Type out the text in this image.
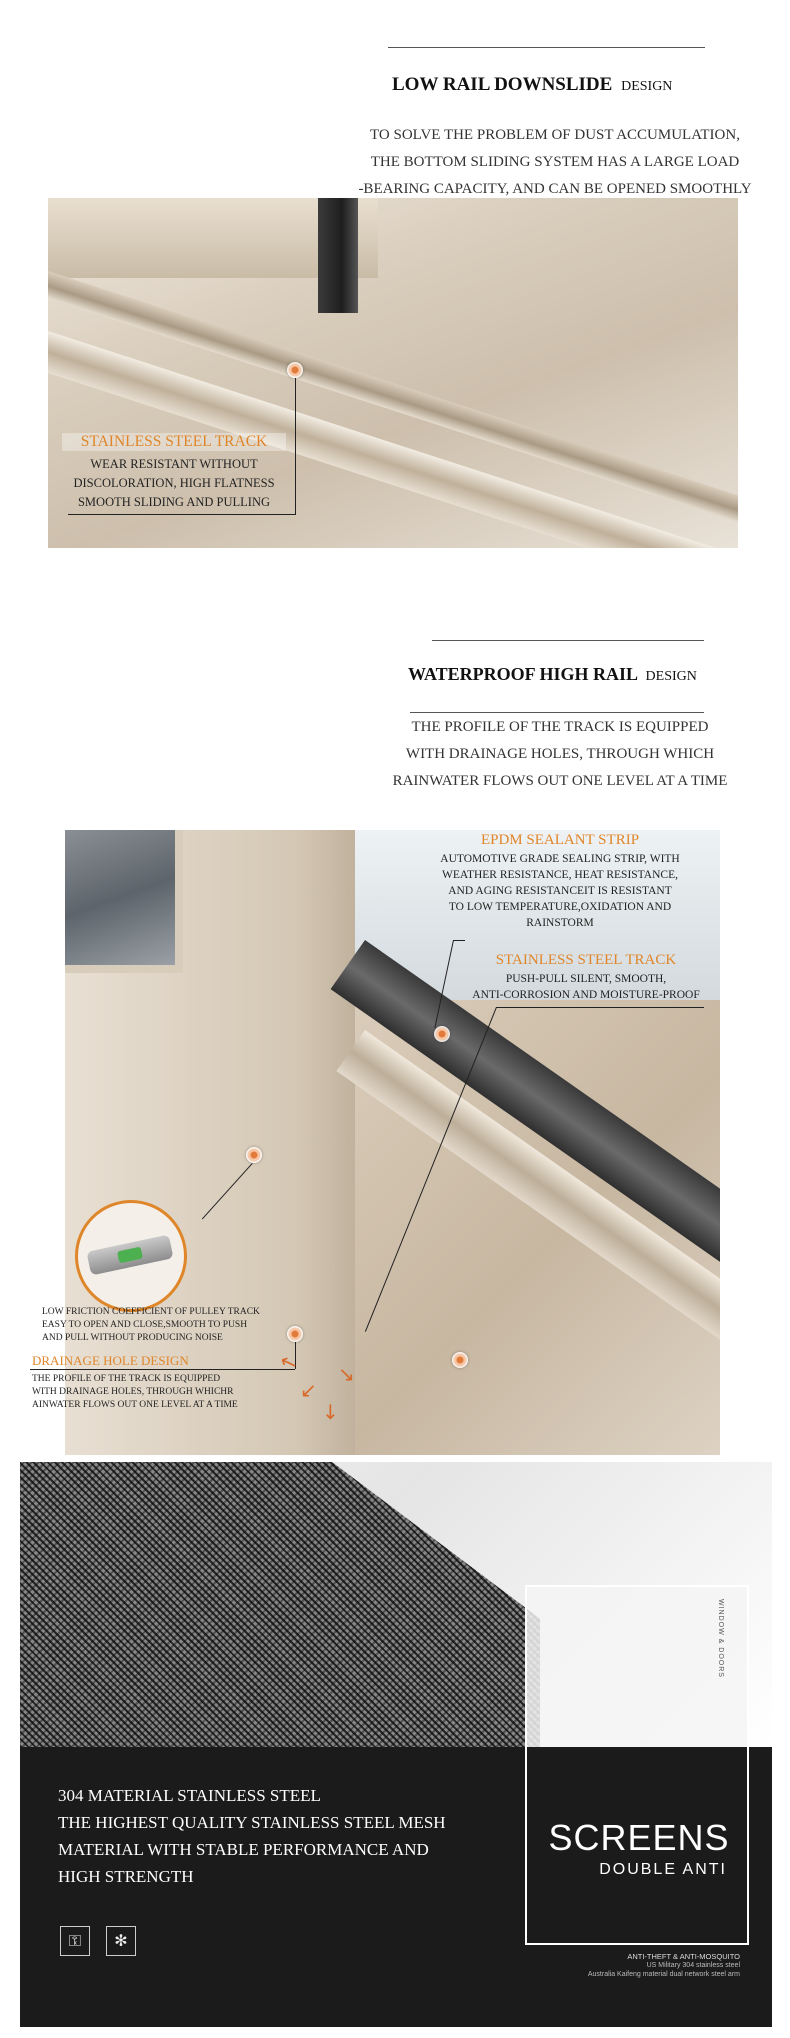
LOW RAIL DOWNSLIDE DESIGN
TO SOLVE THE PROBLEM OF DUST ACCUMULATION,
THE BOTTOM SLIDING SYSTEM HAS A LARGE LOAD
-BEARING CAPACITY, AND CAN BE OPENED SMOOTHLY
STAINLESS STEEL TRACK
WEAR RESISTANT WITHOUT
DISCOLORATION, HIGH FLATNESS
SMOOTH SLIDING AND PULLING
WATERPROOF HIGH RAIL DESIGN
THE PROFILE OF THE TRACK IS EQUIPPED
WITH DRAINAGE HOLES, THROUGH WHICH
RAINWATER FLOWS OUT ONE LEVEL AT A TIME
EPDM SEALANT STRIP
AUTOMOTIVE GRADE SEALING STRIP, WITH
WEATHER RESISTANCE, HEAT RESISTANCE,
AND AGING RESISTANCEIT IS RESISTANT
TO LOW TEMPERATURE,OXIDATION AND
RAINSTORM
STAINLESS STEEL TRACK
PUSH-PULL SILENT, SMOOTH,
ANTI-CORROSION AND MOISTURE-PROOF
LOW FRICTION COEFFICIENT OF PULLEY TRACK
EASY TO OPEN AND CLOSE,SMOOTH TO PUSH
AND PULL WITHOUT PRODUCING NOISE
DRAINAGE HOLE DESIGN
THE PROFILE OF THE TRACK IS EQUIPPED
WITH DRAINAGE HOLES, THROUGH WHICHR
AINWATER FLOWS OUT ONE LEVEL AT A TIME
↖
↙
↓
↘
WINDOW & DOORS
SCREENS
DOUBLE ANTI
ANTI-THEFT & ANTI-MOSQUITO
US Military 304 stainless steel
Australia Kaifeng material dual network steel arm
304 MATERIAL STAINLESS STEEL
THE HIGHEST QUALITY STAINLESS STEEL MESH
MATERIAL WITH STABLE PERFORMANCE AND
HIGH STRENGTH
⚿	✻
